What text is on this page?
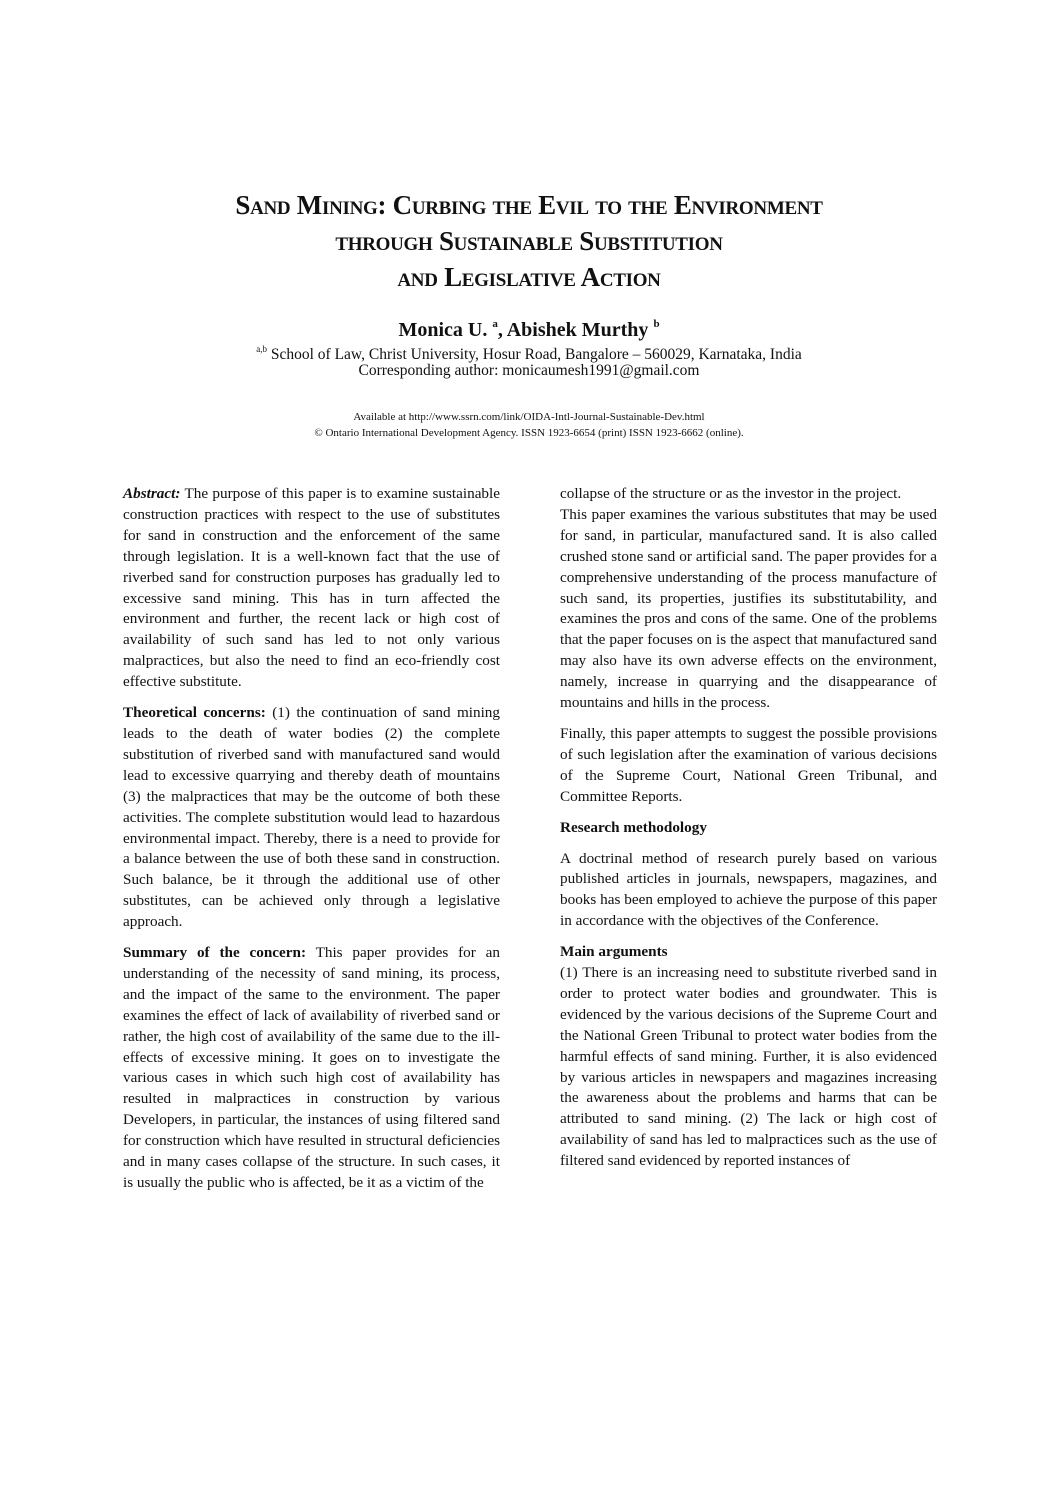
Sand Mining: Curbing the Evil to the Environment
through Sustainable Substitution
and Legislative Action
Monica U. $^a$, Abishek Murthy $^b$
$^{a,b}$ School of Law, Christ University, Hosur Road, Bangalore – 560029, Karnataka, India
Corresponding author: monicaumesh1991@gmail.com
Available at http://www.ssrn.com/link/OIDA-Intl-Journal-Sustainable-Dev.html
© Ontario International Development Agency. ISSN 1923-6654 (print) ISSN 1923-6662 (online).

Abstract: The purpose of this paper is to examine sustainable construction practices with respect to the use of substitutes for sand in construction and the enforcement of the same through legislation. It is a well-known fact that the use of riverbed sand for construction purposes has gradually led to excessive sand mining. This has in turn affected the environment and further, the recent lack or high cost of availability of such sand has led to not only various malpractices, but also the need to find an eco-friendly cost effective substitute.

Theoretical concerns: (1) the continuation of sand mining leads to the death of water bodies (2) the complete substitution of riverbed sand with manufactured sand would lead to excessive quarrying and thereby death of mountains (3) the malpractices that may be the outcome of both these activities. The complete substitution would lead to hazardous environmental impact. Thereby, there is a need to provide for a balance between the use of both these sand in construction. Such balance, be it through the additional use of other substitutes, can be achieved only through a legislative approach.

Summary of the concern: This paper provides for an understanding of the necessity of sand mining, its process, and the impact of the same to the environment. The paper examines the effect of lack of availability of riverbed sand or rather, the high cost of availability of the same due to the ill-effects of excessive mining. It goes on to investigate the various cases in which such high cost of availability has resulted in malpractices in construction by various Developers, in particular, the instances of using filtered sand for construction which have resulted in structural deficiencies and in many cases collapse of the structure. In such cases, it is usually the public who is affected, be it as a victim of the

collapse of the structure or as the investor in the project.

This paper examines the various substitutes that may be used for sand, in particular, manufactured sand. It is also called crushed stone sand or artificial sand. The paper provides for a comprehensive understanding of the process manufacture of such sand, its properties, justifies its substitutability, and examines the pros and cons of the same. One of the problems that the paper focuses on is the aspect that manufactured sand may also have its own adverse effects on the environment, namely, increase in quarrying and the disappearance of mountains and hills in the process.

Finally, this paper attempts to suggest the possible provisions of such legislation after the examination of various decisions of the Supreme Court, National Green Tribunal, and Committee Reports.

Research methodology

A doctrinal method of research purely based on various published articles in journals, newspapers, magazines, and books has been employed to achieve the purpose of this paper in accordance with the objectives of the Conference.

Main arguments

(1) There is an increasing need to substitute riverbed sand in order to protect water bodies and groundwater. This is evidenced by the various decisions of the Supreme Court and the National Green Tribunal to protect water bodies from the harmful effects of sand mining. Further, it is also evidenced by various articles in newspapers and magazines increasing the awareness about the problems and harms that can be attributed to sand mining. (2) The lack or high cost of availability of sand has led to malpractices such as the use of filtered sand evidenced by reported instances of
